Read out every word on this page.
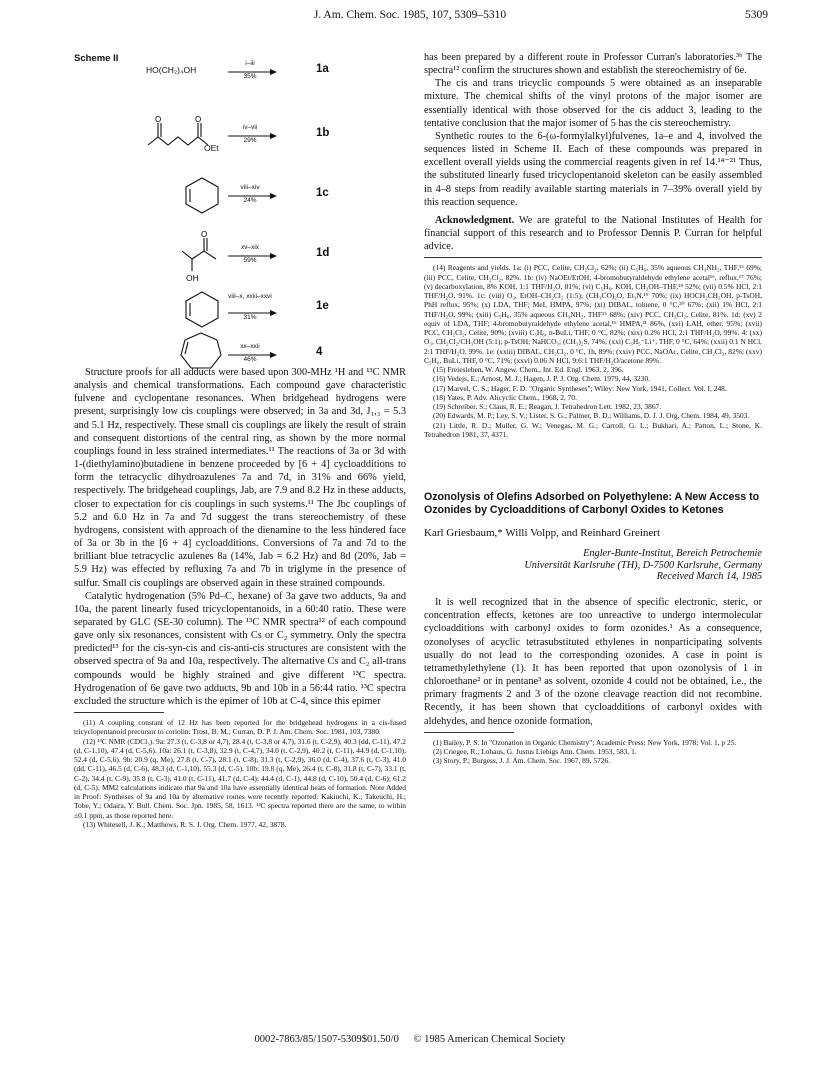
J. Am. Chem. Soc. 1985, 107, 5309–5310	5309
Scheme II
HO(CH₂)₄OH
i–iii
35%
1a
O	O
OEt
iv–vii
29%
1b
viii–xiv
24%
1c
O
OH
xv–xix
59%
1d
viii–x, xxiii–xxvi
31%
1e
xx–xxii
46%
4

Structure proofs for all adducts were based upon 300-MHz ¹H and ¹³C NMR analysis and chemical transformations. Each compound gave characteristic fulvene and cyclopentane resonances. When bridgehead hydrogens were present, surprisingly low cis couplings were observed; in 3a and 3d, J₁,₃ = 5.3 and 5.1 Hz, respectively. These small cis couplings are likely the result of strain and consequent distortions of the central ring, as shown by the more normal couplings found in less strained intermediates.¹¹ The reactions of 3a or 3d with 1-(diethylamino)butadiene in benzene proceeded by [6 + 4] cycloadditions to form the tetracyclic dihydroazulenes 7a and 7d, in 31% and 66% yield, respectively. The bridgehead couplings, Jab, are 7.9 and 8.2 Hz in these adducts, closer to expectation for cis couplings in such systems.¹¹ The Jbc couplings of 5.2 and 6.0 Hz in 7a and 7d suggest the trans stereochemistry of these hydrogens, consistent with approach of the dienamine to the less hindered face of 3a or 3b in the [6 + 4] cycloadditions. Conversions of 7a and 7d to the brilliant blue tetracyclic azulenes 8a (14%, Jab = 6.2 Hz) and 8d (20%, Jab = 5.9 Hz) was effected by refluxing 7a and 7b in triglyme in the presence of sulfur. Small cis couplings are observed again in these strained compounds.

Catalytic hydrogenation (5% Pd–C, hexane) of 3a gave two adducts, 9a and 10a, the parent linearly fused tricyclopentanoids, in a 60:40 ratio. These were separated by GLC (SE-30 column). The ¹³C NMR spectra¹² of each compound gave only six resonances, consistent with Cs or C₂ symmetry. Only the spectra predicted¹³ for the cis-syn-cis and cis-anti-cis structures are consistent with the observed spectra of 9a and 10a, respectively. The alternative Cs and C₂ all-trans compounds would be highly strained and give different ¹³C spectra. Hydrogenation of 6e gave two adducts, 9b and 10b in a 56:44 ratio. ¹³C spectra excluded the structure which is the epimer of 10b at C-4, since this epimer

(11) A coupling constant of 12 Hz has been reported for the bridgehead hydrogens in a cis-fused tricyclopentanoid precursor to coriolin: Trost, B. M.; Curran, D. P. J. Am. Chem. Soc. 1981, 103, 7380.

(12) ¹³C NMR (CDCl₃). 9a: 27.3 (t, C-3,8 or 4,7), 28.4 (t, C-3,8 or 4,7), 31.6 (t, C-2,9), 40.3 (dd, C-11), 47.2 (d, C-1,10), 47.4 (d, C-5,6). 10a: 26.1 (t, C-3,8), 32.9 (t, C-4,7), 34.0 (t, C-2,9), 40.2 (t, C-11), 44.9 (d, C-1,10), 52.4 (d, C-5,6). 9b: 20.9 (q, Me), 27.8 (t, C-7), 28.1 (t, C-8), 31.3 (t, C-2,9), 36.0 (d, C-4), 37.6 (t, C-3), 41.0 (dd, C-11), 46.5 (d, C-6), 48.3 (d, C-1,10), 55.3 (d, C-5). 10b: 19.8 (q, Me), 26.4 (t, C-8), 31.8 (t, C-7), 33.1 (t, C-2), 34.4 (t, C-9), 35.8 (t, C-3), 41.0 (t, C-11), 41.7 (d, C-4); 44.4 (d, C-1), 44.8 (d, C-10), 50.4 (d, C-6); 61.2 (d, C-5). MM2 calculations indicate that 9a and 10a have essentially identical heats of formation. Note Added in Proof: Syntheses of 9a and 10a by alternative routes were recently reported: Kakiuchi, K.; Takeuchi, H.; Tobe, Y.; Odaira, Y. Bull. Chem. Soc. Jpn. 1985, 58, 1613. ¹³C spectra reported there are the same, to within ±0.1 ppm, as those reported here.

(13) Whitesell, J. K.; Matthews, R. S. J. Org. Chem. 1977, 42, 3878.

has been prepared by a different route in Professor Curran's laboratories.³ᵇ The spectra¹² confirm the structures shown and establish the stereochemistry of 6e.

The cis and trans tricyclic compounds 5 were obtained as an inseparable mixture. The chemical shifts of the vinyl protons of the major isomer are essentially identical with those observed for the cis adduct 3, leading to the tentative conclusion that the major isomer of 5 has the cis stereochemistry.

Synthetic routes to the 6-(ω-formylalkyl)fulvenes, 1a–e and 4, involved the sequences listed in Scheme II. Each of these compounds was prepared in excellent overall yields using the commercial reagents given in ref 14.¹⁴⁻²¹ Thus, the substituted linearly fused tricyclopentanoid skeleton can be easily assembled in 4–8 steps from readily available starting materials in 7–39% overall yield by this reaction sequence.

Acknowledgment. We are grateful to the National Institutes of Health for financial support of this research and to Professor Dennis P. Curran for helpful advice.

(14) Reagents and yields. 1a: (i) PCC, Celite, CH₂Cl₂, 62%; (ii) C₅H₆, 35% aqueous CH₃NH₂, THF,¹⁵ 69%; (iii) PCC, Celite, CH₂Cl₂, 82%. 1b: (iv) NaOEt/EtOH; 4-bromobutyraldehyde ethylene acetal¹⁶, reflux,¹⁷ 76%; (v) decarboxylation, 8% KOH, 1:1 THF/H₂O, 81%; (vi) C₅H₆, KOH, CH₃OH–THF,¹⁸ 52%; (vii) 0.5% HCl, 2:1 THF/H₂O, 91%. 1c: (viii) O₃, EtOH–CH₂Cl₂ (1:5); (CH₃CO)₂O, Et₃N,¹⁹ 70%; (ix) HOCH₂CH₂OH, p-TsOH, PhH reflux, 95%; (x) LDA, THF; MeI, HMPA, 97%; (xi) DIBAL, toluene, 0 °C,²⁰ 67%; (xii) 1% HCl, 2:1 THF/H₂O, 99%; (xiii) C₅H₆, 35% aqueous CH₃NH₂, THF¹⁵ 68%; (xiv) PCC, CH₂Cl₂, Celite, 81%. 1d: (xv) 2 equiv of LDA, THF; 4-bromobutyraldehyde ethylene acetal,¹⁶ HMPA,²¹ 86%, (xvi) LAH, ether, 95%; (xvii) PCC, CH₂Cl₂, Celite, 90%; (xviii) C₅H₆, n-BuLi, THF, 0 °C, 82%; (xix) 0.2% HCl, 2:1 THF/H₂O, 99%. 4: (xx) O₃, CH₂Cl₂/CH₃OH (5:1); p-TsOH; NaHCO₃; (CH₃)₂S, 74%; (xxi) C₅H₅⁻Li⁺, THF, 0 °C, 64%; (xxii) 0.1 N HCl, 2:1 THF/H₂O, 99%. 1e: (xxiii) DIBAL, CH₂Cl₂, 0 °C, 1h, 89%; (xxiv) PCC, NaOAc, Celite, CH₂Cl₂, 82%; (xxv) C₅H₆, BuLi, THF, 0 °C, 71%; (xxvi) 0.06 N HCl, 9:6:1 THF/H₂O/acetone 89%.

(15) Freiesleben, W. Angew. Chem., Int. Ed. Engl. 1963, 2, 396.

(16) Vedejs, E.; Arnost, M. J.; Hagen, J. P. J. Org. Chem. 1979, 44, 3230.

(17) Marvel, C. S.; Hager, F. D. "Organic Syntheses"; Wiley: New York, 1941, Collect. Vol. I, 248.

(18) Yates, P. Adv. Alicyclic Chem., 1968, 2, 70.

(19) Schreiber, S.; Claus, R. E.; Reagan, J. Tetrahedron Lett. 1982, 23, 3867.

(20) Edwards, M. P.; Ley, S. V.; Lister, S. G.; Palmer, B. D.; Williams, D. J. J. Org. Chem. 1984, 49, 3503.

(21) Little, R. D.; Muller, G. W.; Venegas, M. G.; Carroll, G. L.; Bukhari, A.; Patton, L.; Stone, K. Tetrahedron 1981, 37, 4371.

Ozonolysis of Olefins Adsorbed on Polyethylene: A New Access to Ozonides by Cycloadditions of Carbonyl Oxides to Ketones

Karl Griesbaum,* Willi Volpp, and Reinhard Greinert

Engler-Bunte-Institut, Bereich Petrochemie

Universität Karlsruhe (TH), D-7500 Karlsruhe, Germany

Received March 14, 1985

It is well recognized that in the absence of specific electronic, steric, or concentration effects, ketones are too unreactive to undergo intermolecular cycloadditions with carbonyl oxides to form ozonides.¹ As a consequence, ozonolyses of acyclic tetrasubstituted ethylenes in nonparticipating solvents usually do not lead to the corresponding ozonides. A case in point is tetramethylethylene (1). It has been reported that upon ozonolysis of 1 in chloroethane² or in pentane³ as solvent, ozonide 4 could not be obtained, i.e., the primary fragments 2 and 3 of the ozone cleavage reaction did not recombine. Recently, it has been shown that cycloadditions of carbonyl oxides with aldehydes, and hence ozonide formation,

(1) Bailey, P. S. In "Ozonation in Organic Chemistry"; Academic Press: New York, 1978; Vol. 1, p 25.

(2) Criegee, R.; Lohaus, G. Justus Liebigs Ann. Chem. 1953, 583, 1.

(3) Story, P.; Burgess, J. J. Am. Chem. Soc. 1967, 89, 5726.

0002-7863/85/1507-5309$01.50/0 © 1985 American Chemical Society
